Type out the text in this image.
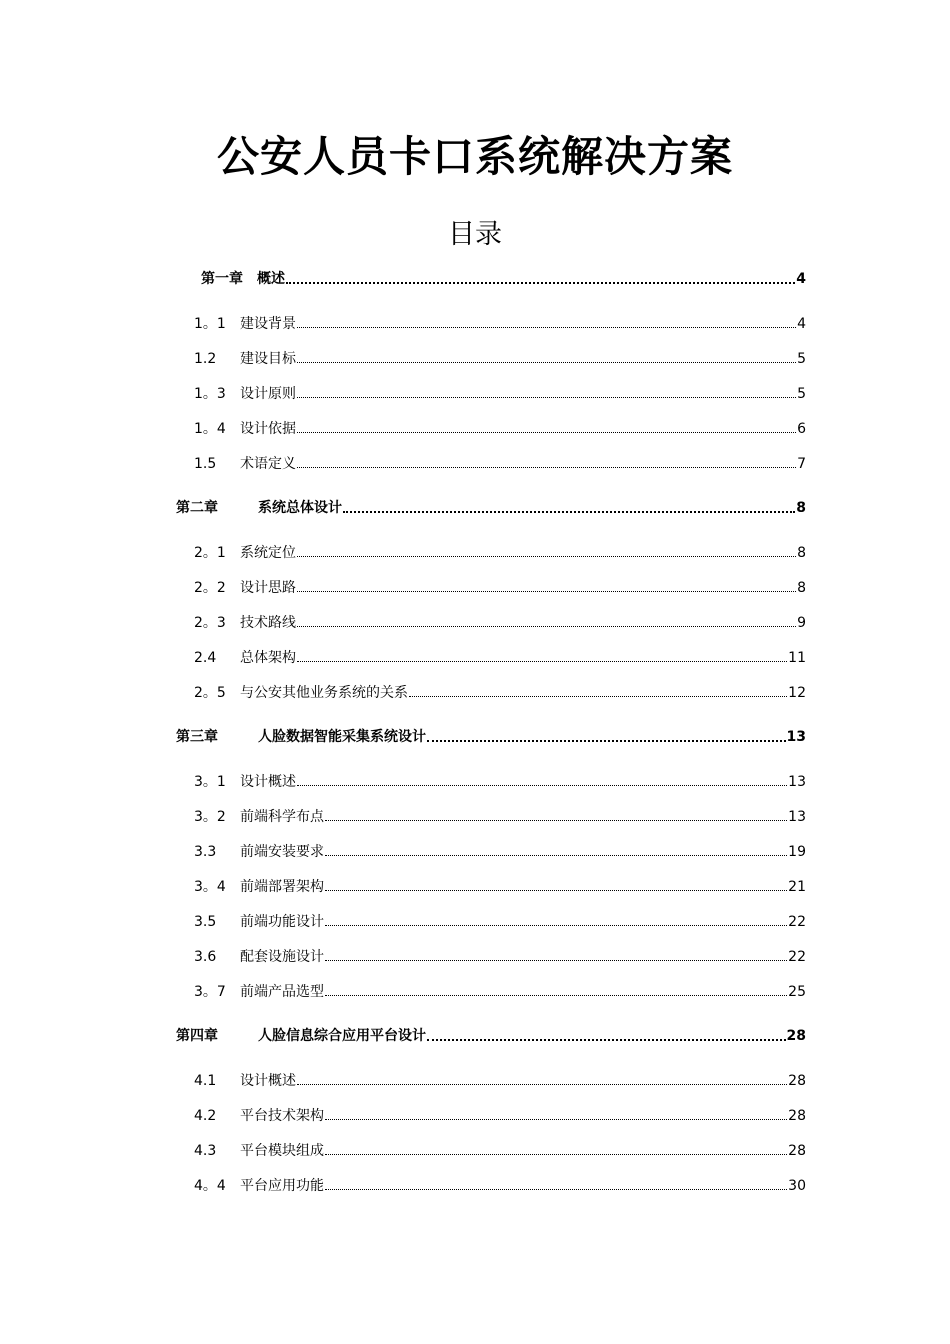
公安人员卡口系统解决方案
目录
第一章	概述	4
1。1	建设背景	4
1.2	建设目标	5
1。3	设计原则	5
1。4	设计依据	6
1.5	术语定义	7
第二章	系统总体设计	8
2。1	系统定位	8
2。2	设计思路	8
2。3	技术路线	9
2.4	总体架构	11
2。5	与公安其他业务系统的关系	12
第三章	人脸数据智能采集系统设计	13
3。1	设计概述	13
3。2	前端科学布点	13
3.3	前端安装要求	19
3。4	前端部署架构	21
3.5	前端功能设计	22
3.6	配套设施设计	22
3。7	前端产品选型	25
第四章	人脸信息综合应用平台设计	28
4.1	设计概述	28
4.2	平台技术架构	28
4.3	平台模块组成	28
4。4	平台应用功能	30
